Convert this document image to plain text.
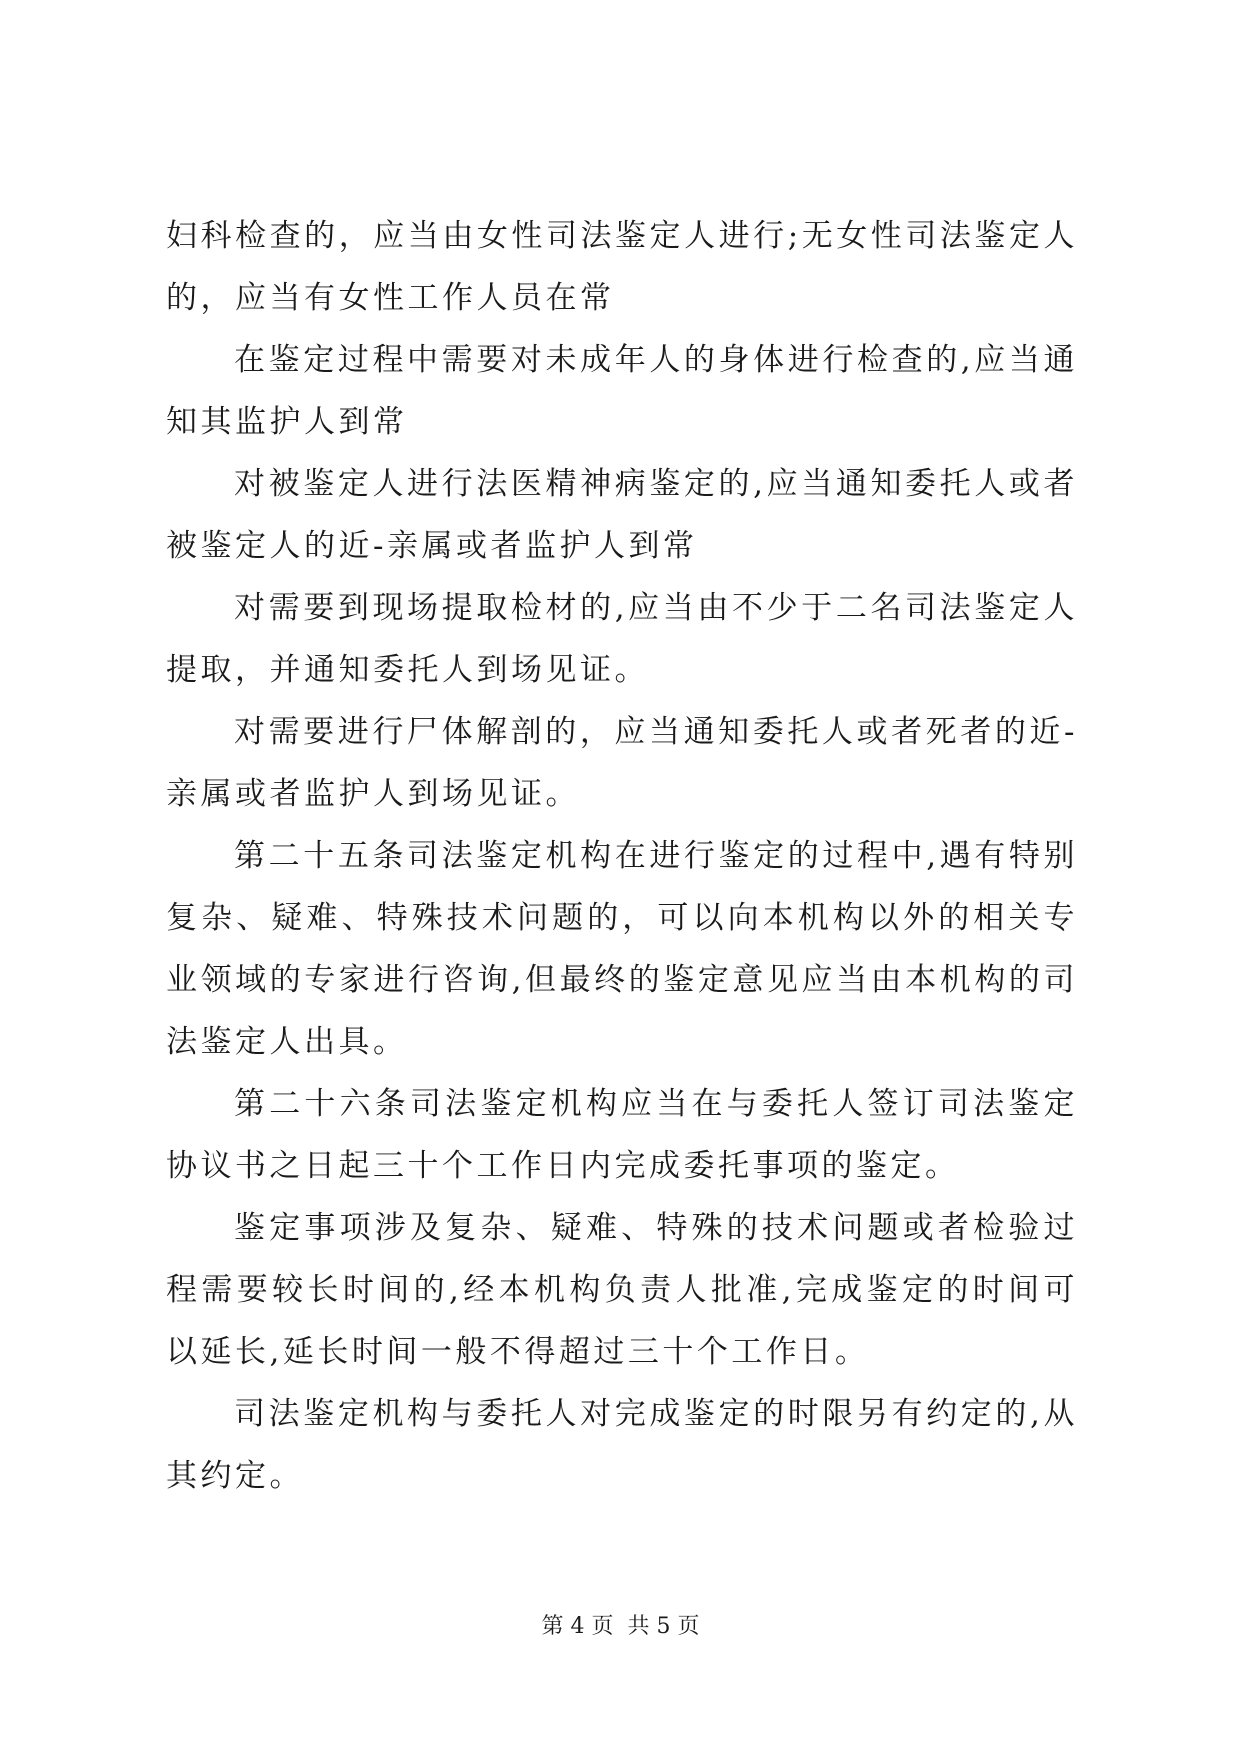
妇科检查的，应当由女性司法鉴定人进行;无女性司法鉴定人的，应当有女性工作人员在常

在鉴定过程中需要对未成年人的身体进行检查的,应当通知其监护人到常

对被鉴定人进行法医精神病鉴定的,应当通知委托人或者被鉴定人的近-亲属或者监护人到常

对需要到现场提取检材的,应当由不少于二名司法鉴定人提取，并通知委托人到场见证。

对需要进行尸体解剖的，应当通知委托人或者死者的近-亲属或者监护人到场见证。

第二十五条司法鉴定机构在进行鉴定的过程中,遇有特别复杂、疑难、特殊技术问题的，可以向本机构以外的相关专业领域的专家进行咨询,但最终的鉴定意见应当由本机构的司法鉴定人出具。

第二十六条司法鉴定机构应当在与委托人签订司法鉴定协议书之日起三十个工作日内完成委托事项的鉴定。

鉴定事项涉及复杂、疑难、特殊的技术问题或者检验过程需要较长时间的,经本机构负责人批准,完成鉴定的时间可以延长,延长时间一般不得超过三十个工作日。

司法鉴定机构与委托人对完成鉴定的时限另有约定的,从其约定。

第 4 页  共 5 页
